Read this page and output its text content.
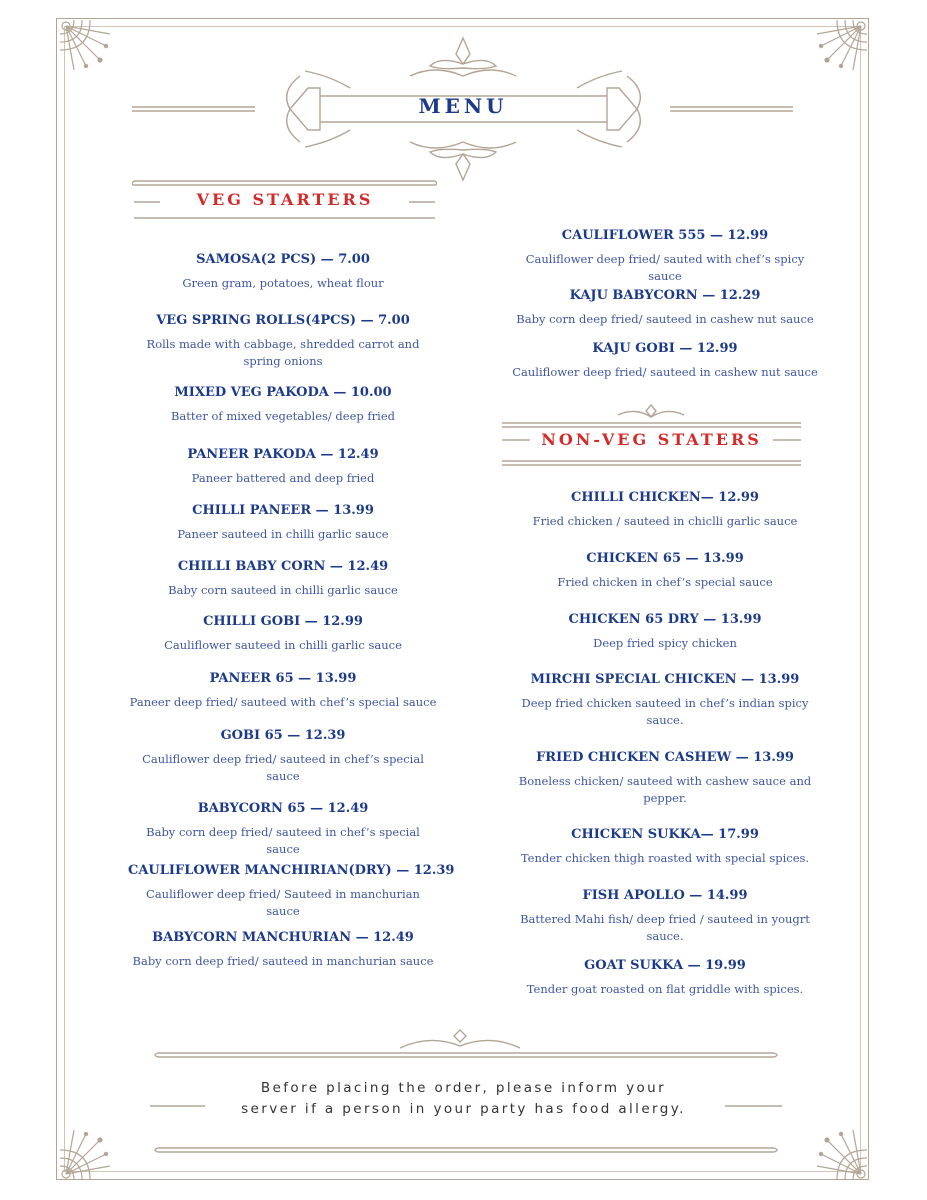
MENU
VEG STARTERS
SAMOSA(2 PCS) — 7.00
Green gram, potatoes, wheat flour
VEG SPRING ROLLS(4PCS) — 7.00
Rolls made with cabbage, shredded carrot and spring onions
MIXED VEG PAKODA — 10.00
Batter of mixed vegetables/ deep fried
PANEER PAKODA — 12.49
Paneer battered and deep fried
CHILLI PANEER — 13.99
Paneer sauteed in chilli garlic sauce
CHILLI BABY CORN — 12.49
Baby corn sauteed in chilli garlic sauce
CHILLI GOBI — 12.99
Cauliflower sauteed in chilli garlic sauce
PANEER 65 — 13.99
Paneer deep fried/ sauteed with chef’s special sauce
GOBI 65 — 12.39
Cauliflower deep fried/ sauteed in chef’s special sauce
BABYCORN 65 — 12.49
Baby corn deep fried/ sauteed in chef’s special sauce
CAULIFLOWER MANCHIRIAN(DRY) — 12.39
Cauliflower deep fried/ Sauteed in manchurian sauce
BABYCORN MANCHURIAN — 12.49
Baby corn deep fried/ sauteed in manchurian sauce
CAULIFLOWER 555 — 12.99
Cauliflower deep fried/ sauted with chef’s spicy sauce
KAJU BABYCORN — 12.29
Baby corn deep fried/ sauteed in cashew nut sauce
KAJU GOBI — 12.99
Cauliflower deep fried/ sauteed in cashew nut sauce
NON-VEG STATERS
CHILLI CHICKEN— 12.99
Fried chicken / sauteed in chiclli garlic sauce
CHICKEN 65 — 13.99
Fried chicken in chef’s special sauce
CHICKEN 65 DRY — 13.99
Deep fried spicy chicken
MIRCHI SPECIAL CHICKEN — 13.99
Deep fried chicken sauteed in chef’s indian spicy sauce.
FRIED CHICKEN CASHEW — 13.99
Boneless chicken/ sauteed with cashew sauce and pepper.
CHICKEN SUKKA— 17.99
Tender chicken thigh roasted with special spices.
FISH APOLLO — 14.99
Battered Mahi fish/ deep fried / sauteed in yougrt sauce.
GOAT SUKKA — 19.99
Tender goat roasted on flat griddle with spices.
Before placing the order, please inform your server if a person in your party has food allergy.
